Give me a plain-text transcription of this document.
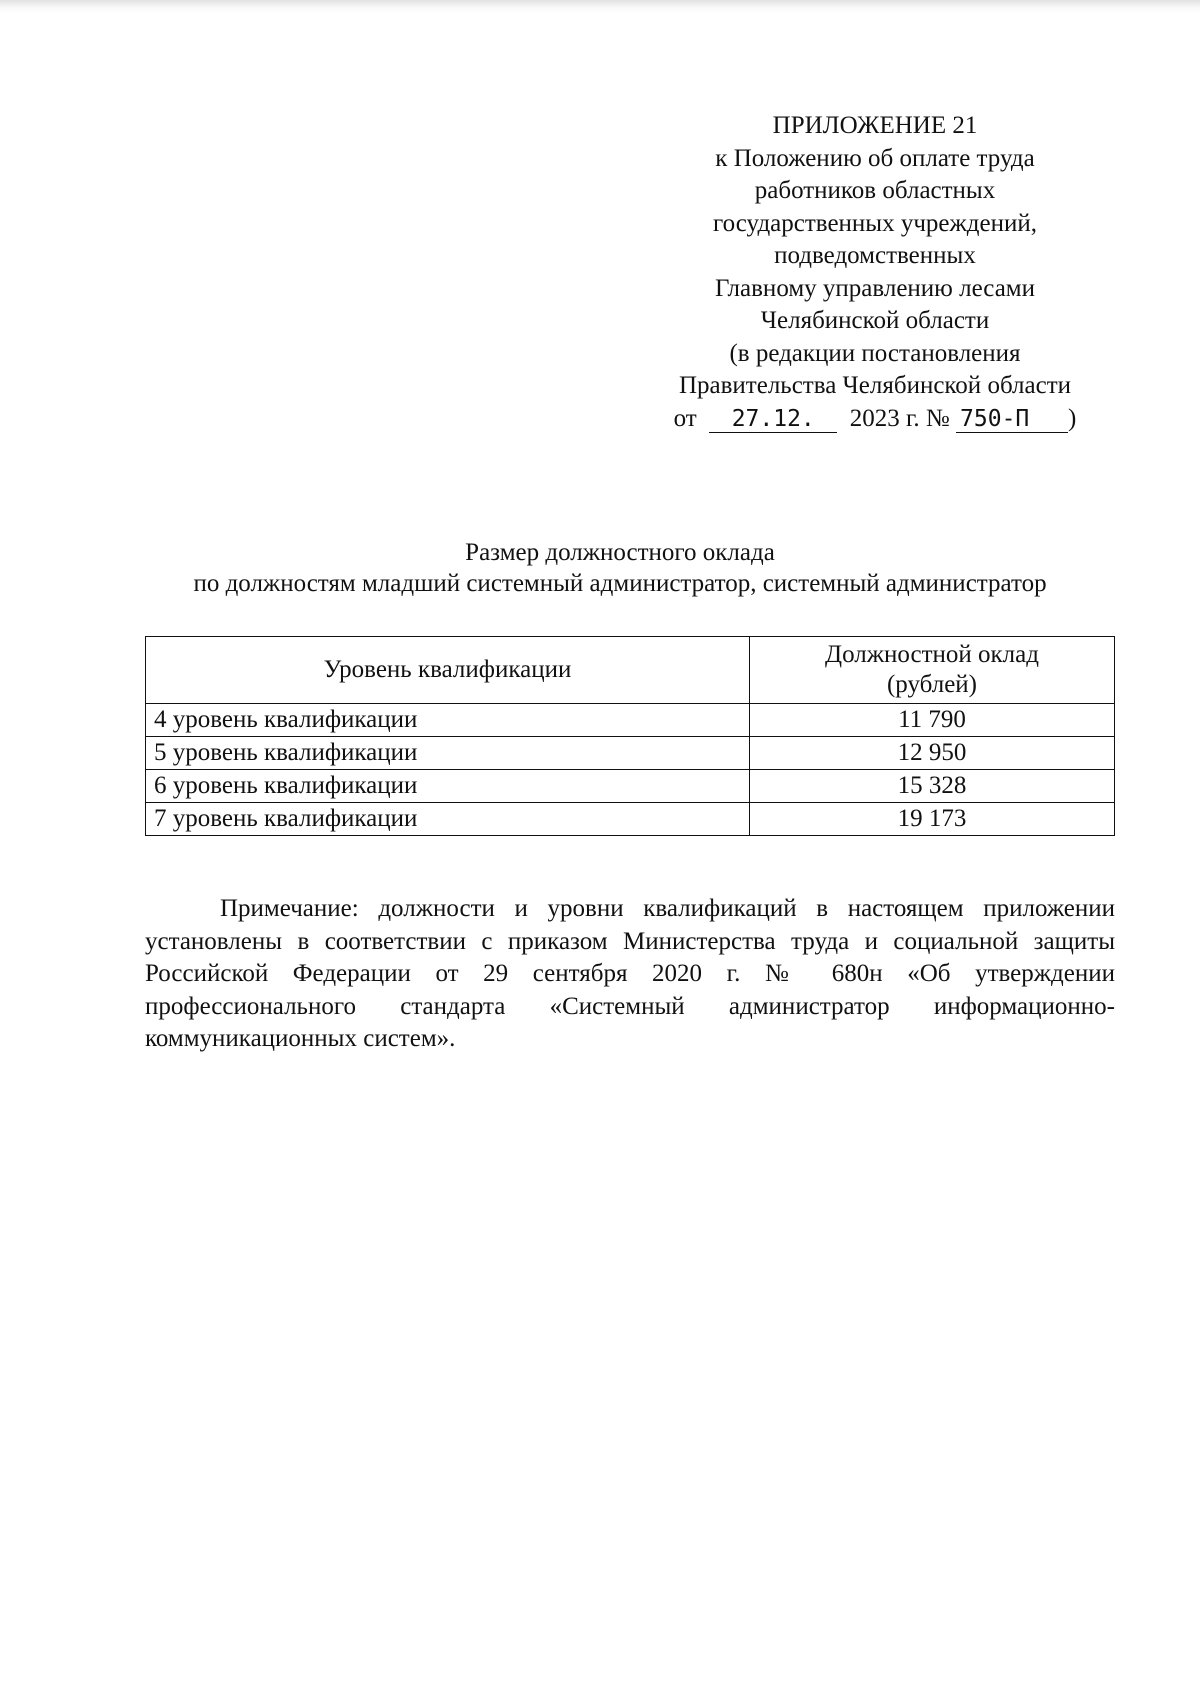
ПРИЛОЖЕНИЕ 21
к Положению об оплате труда
работников областных
государственных учреждений,
подведомственных
Главному управлению лесами
Челябинской области
(в редакции постановления
Правительства Челябинской области
от 27.12. 2023 г. № 750-П )
Размер должностного оклада
по должностям младший системный администратор, системный администратор
Уровень квалификации	Должностной оклад
(рублей)
4 уровень квалификации	11 790
5 уровень квалификации	12 950
6 уровень квалификации	15 328
7 уровень квалификации	19 173

Примечание: должности и уровни квалификаций в настоящем приложении установлены в соответствии с приказом Министерства труда и социальной защиты Российской Федерации от 29 сентября 2020 г. № 680н «Об утверждении профессионального стандарта «Системный администратор информационно-коммуникационных систем».
